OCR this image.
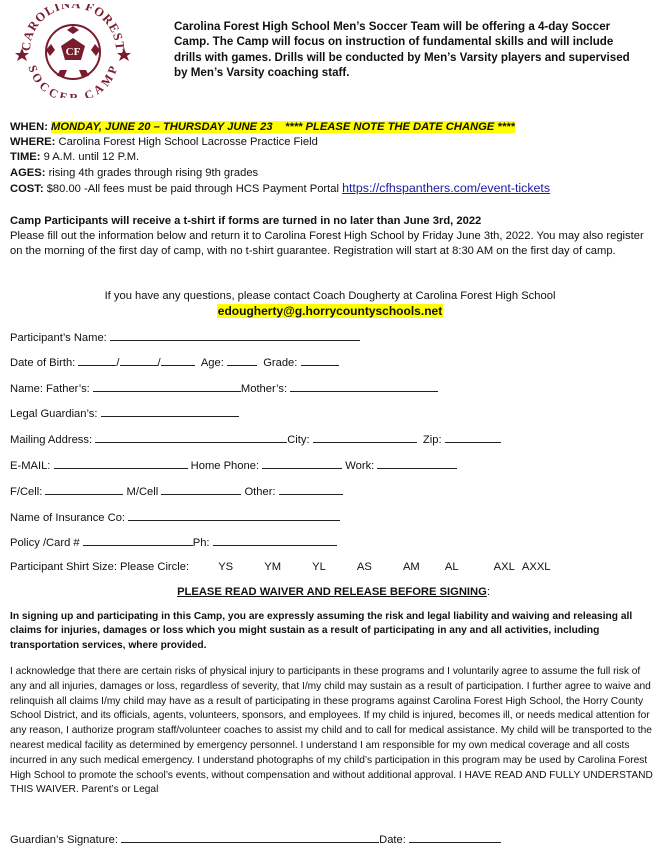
CF
CAROLINA FOREST
SOCCER CAMP
Carolina Forest High School Men’s Soccer Team will be offering a 4-day Soccer Camp. The Camp will focus on instruction of fundamental skills and will include drills with games. Drills will be conducted by Men’s Varsity players and supervised by Men’s Varsity coaching staff.
WHEN: MONDAY, JUNE 20 – THURSDAY JUNE 23    **** PLEASE NOTE THE DATE CHANGE ****
WHERE: Carolina Forest High School Lacrosse Practice Field
TIME: 9 A.M. until 12 P.M.
AGES: rising 4th grades through rising 9th grades
COST: $80.00 -All fees must be paid through HCS Payment Portal https://cfhspanthers.com/event-tickets
Camp Participants will receive a t-shirt if forms are turned in no later than June 3rd, 2022
Please fill out the information below and return it to Carolina Forest High School by Friday June 3th, 2022. You may also register on the morning of the first day of camp, with no t-shirt guarantee. Registration will start at 8:30 AM on the first day of camp.
If you have any questions, please contact Coach Dougherty at Carolina Forest High School
edougherty@g.horrycountyschools.net
Participant’s Name:
Date of Birth:	/	/	Age:	Grade:
Name: Father’s:	Mother’s:
Legal Guardian’s:
Mailing Address:	City:	Zip:
E-MAIL:	Home Phone:	Work:
F/Cell:	M/Cell	Other:
Name of Insurance Co:
Policy /Card #	Ph:
Participant Shirt Size: Please Circle:	YS	YM	YL	AS	AM AL	AXL AXXL
PLEASE READ WAIVER AND RELEASE BEFORE SIGNING:
In signing up and participating in this Camp, you are expressly assuming the risk and legal liability and waiving and releasing all claims for injuries, damages or loss which you might sustain as a result of participating in any and all activities, including transportation services, where provided.
I acknowledge that there are certain risks of physical injury to participants in these programs and I voluntarily agree to assume the full risk of any and all injuries, damages or loss, regardless of severity, that I/my child may sustain as a result of participation. I further agree to waive and relinquish all claims I/my child may have as a result of participating in these programs against Carolina Forest High School, the Horry County School District, and its officials, agents, volunteers, sponsors, and employees. If my child is injured, becomes ill, or needs medical attention for any reason, I authorize program staff/volunteer coaches to assist my child and to call for medical assistance. My child will be transported to the nearest medical facility as determined by emergency personnel. I understand I am responsible for my own medical coverage and all costs incurred in any such medical emergency. I understand photographs of my child’s participation in this program may be used by Carolina Forest High School to promote the school’s events, without compensation and without additional approval. I HAVE READ AND FULLY UNDERSTAND THIS WAIVER. Parent’s or Legal
Guardian’s Signature:	Date:
